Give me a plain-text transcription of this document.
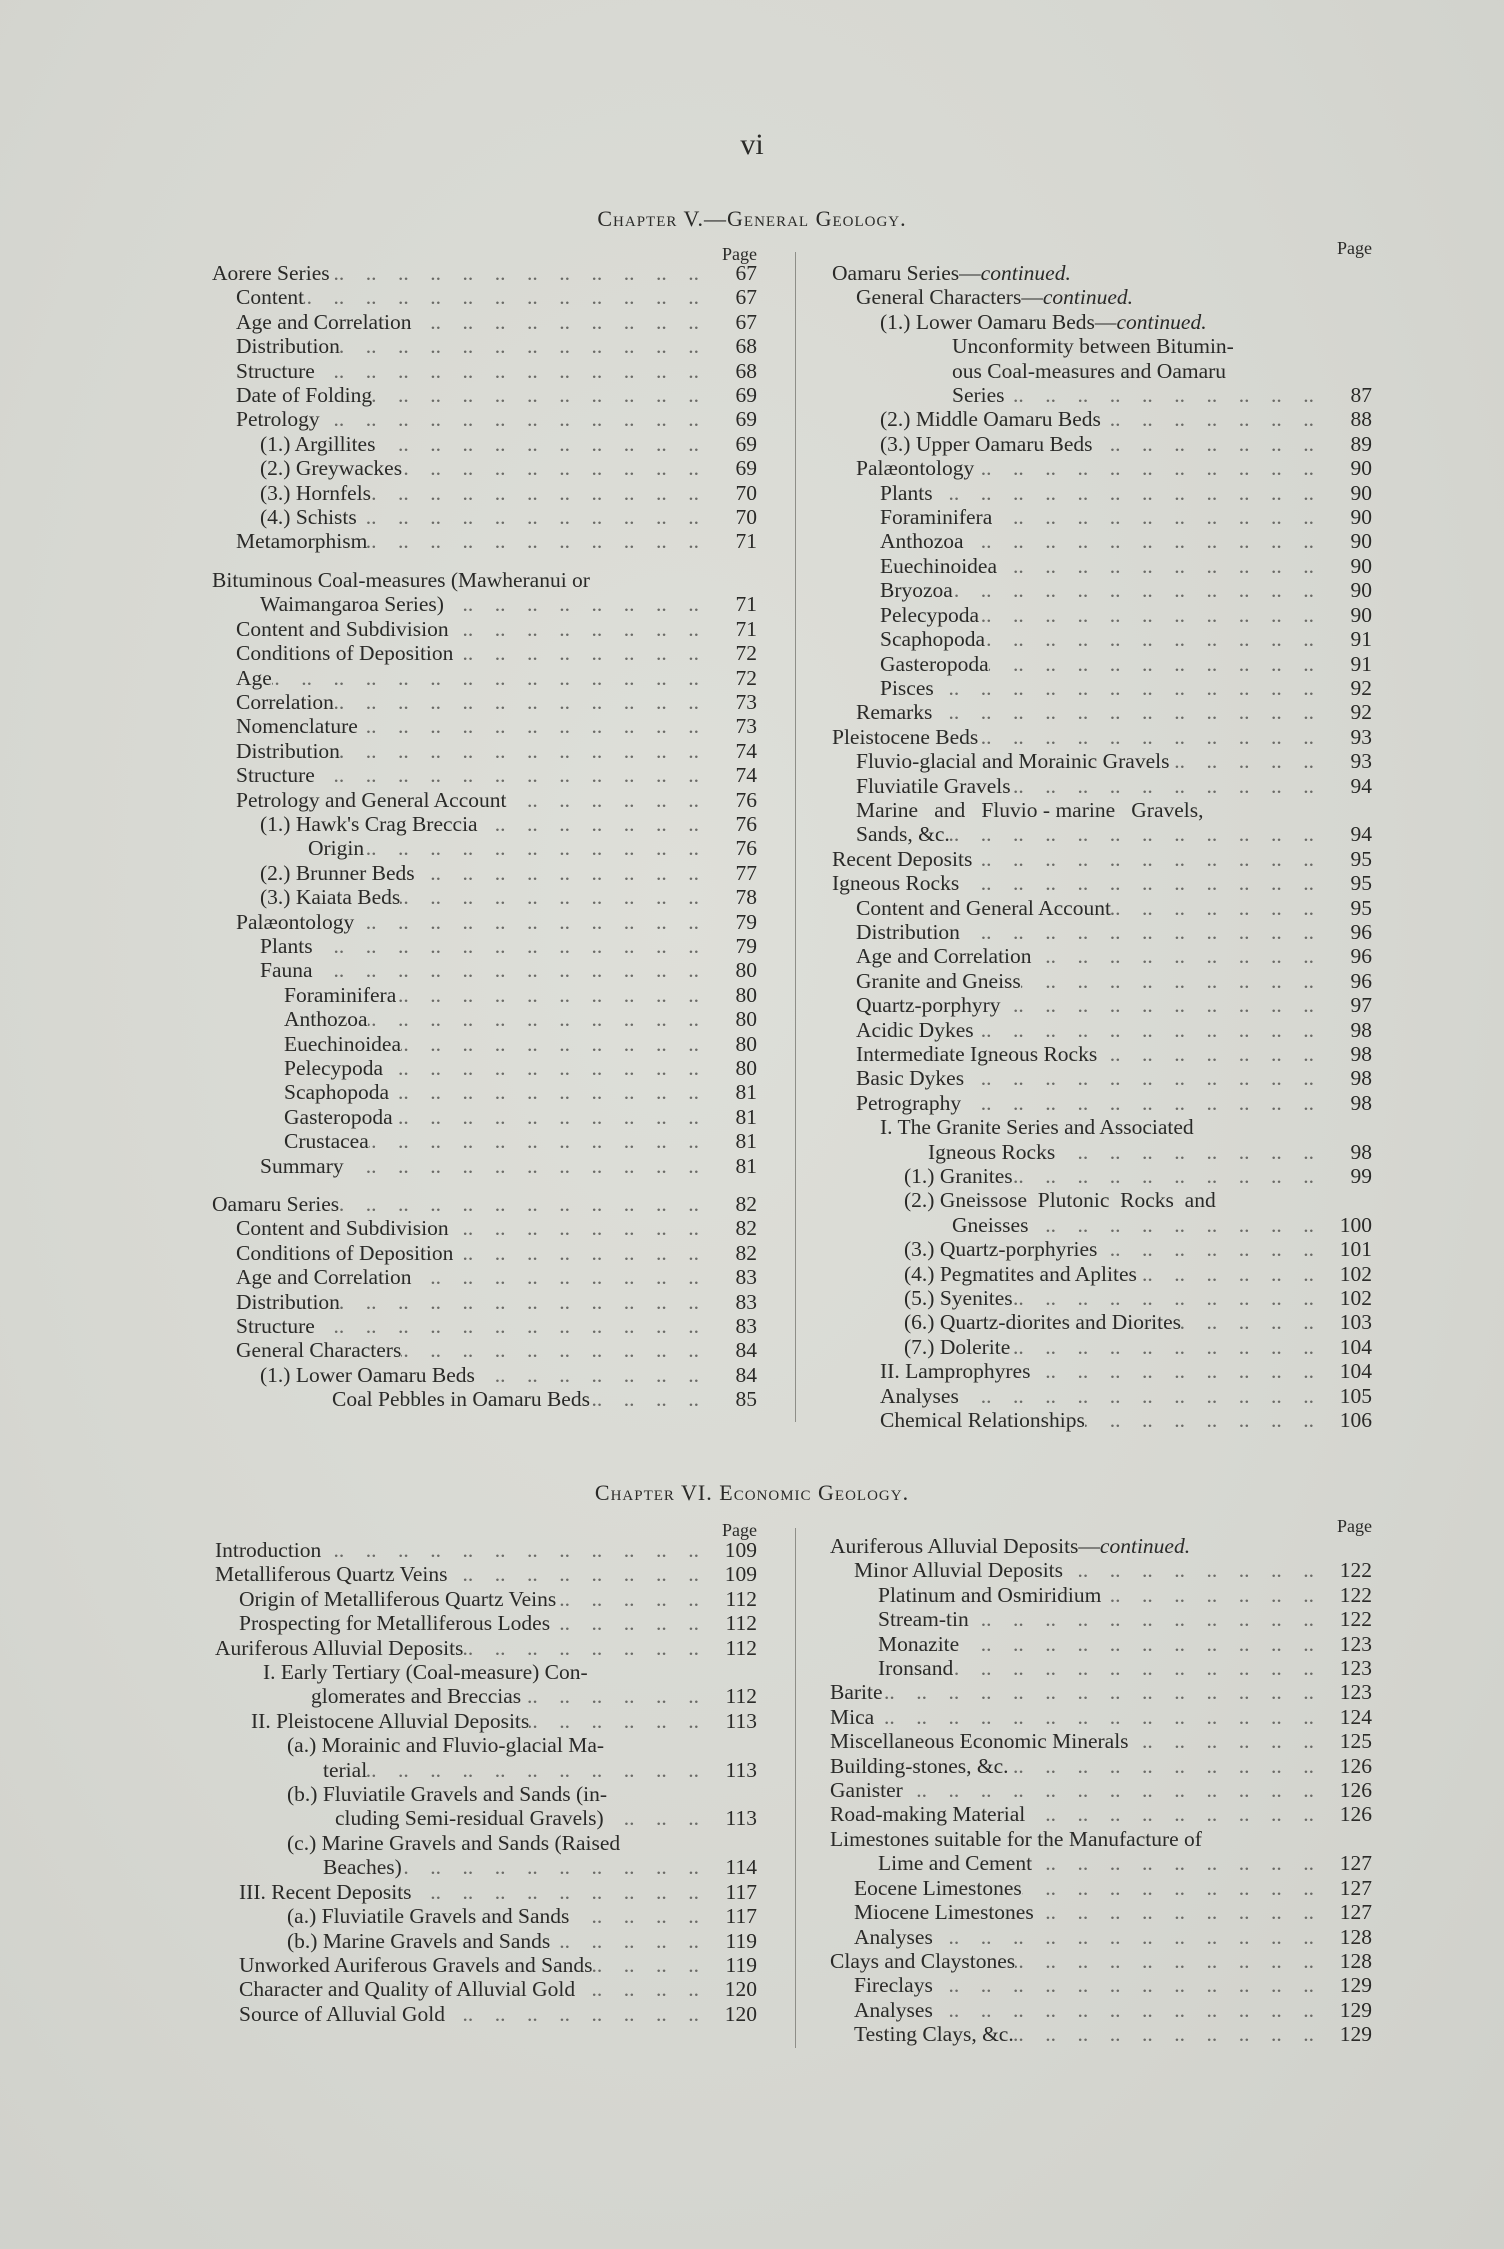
vi
Chapter V.—General Geology.
Page
Aorere Series ..	67
Content ..	67
Age and Correlation ..	67
Distribution ..	68
Structure ..	68
Date of Folding ..	69
Petrology ..	69
(1.) Argillites ..	69
(2.) Greywackes ..	69
(3.) Hornfels ..	70
(4.) Schists ..	70
Metamorphism ..	71
Bituminous Coal-measures (Mawheranui or
Waimangaroa Series) ..	71
Content and Subdivision ..	71
Conditions of Deposition ..	72
Age ..	72
Correlation ..	73
Nomenclature ..	73
Distribution ..	74
Structure ..	74
Petrology and General Account ..	76
(1.) Hawk's Crag Breccia ..	76
Origin ..	76
(2.) Brunner Beds ..	77
(3.) Kaiata Beds ..	78
Palæontology ..	79
Plants ..	79
Fauna ..	80
Foraminifera ..	80
Anthozoa ..	80
Euechinoidea ..	80
Pelecypoda ..	80
Scaphopoda ..	81
Gasteropoda ..	81
Crustacea ..	81
Summary ..	81
Oamaru Series ..	82
Content and Subdivision ..	82
Conditions of Deposition ..	82
Age and Correlation ..	83
Distribution ..	83
Structure ..	83
General Characters ..	84
(1.) Lower Oamaru Beds ..	84
Coal Pebbles in Oamaru Beds ..	85
Page
Oamaru Series—continued.
General Characters—continued.
(1.) Lower Oamaru Beds—continued.
Unconformity between Bitumin-
ous Coal-measures and Oamaru
Series ..	87
(2.) Middle Oamaru Beds ..	88
(3.) Upper Oamaru Beds ..	89
Palæontology ..	90
Plants ..	90
Foraminifera ..	90
Anthozoa ..	90
Euechinoidea ..	90
Bryozoa ..	90
Pelecypoda ..	90
Scaphopoda ..	91
Gasteropoda ..	91
Pisces ..	92
Remarks ..	92
Pleistocene Beds ..	93
Fluvio-glacial and Morainic Gravels ..	93
Fluviatile Gravels ..	94
Marine   and   Fluvio - marine   Gravels,
Sands, &c. ..	94
Recent Deposits ..	95
Igneous Rocks ..	95
Content and General Account ..	95
Distribution ..	96
Age and Correlation ..	96
Granite and Gneiss ..	96
Quartz-porphyry ..	97
Acidic Dykes ..	98
Intermediate Igneous Rocks ..	98
Basic Dykes ..	98
Petrography ..	98
I. The Granite Series and Associated
Igneous Rocks ..	98
(1.) Granites ..	99
(2.) Gneissose  Plutonic  Rocks  and
Gneisses ..	100
(3.) Quartz-porphyries ..	101
(4.) Pegmatites and Aplites ..	102
(5.) Syenites ..	102
(6.) Quartz-diorites and Diorites ..	103
(7.) Dolerite ..	104
II. Lamprophyres ..	104
Analyses ..	105
Chemical Relationships ..	106
Chapter VI. Economic Geology.
Page
Introduction ..	109
Metalliferous Quartz Veins ..	109
Origin of Metalliferous Quartz Veins ..	112
Prospecting for Metalliferous Lodes ..	112
Auriferous Alluvial Deposits ..	112
I. Early Tertiary (Coal-measure) Con-
glomerates and Breccias ..	112
II. Pleistocene Alluvial Deposits ..	113
(a.) Morainic and Fluvio-glacial Ma-
terial ..	113
(b.) Fluviatile Gravels and Sands (in-
cluding Semi-residual Gravels) ..	113
(c.) Marine Gravels and Sands (Raised
Beaches) ..	114
III. Recent Deposits ..	117
(a.) Fluviatile Gravels and Sands ..	117
(b.) Marine Gravels and Sands ..	119
Unworked Auriferous Gravels and Sands ..	119
Character and Quality of Alluvial Gold ..	120
Source of Alluvial Gold ..	120
Page
Auriferous Alluvial Deposits—continued.
Minor Alluvial Deposits ..	122
Platinum and Osmiridium ..	122
Stream-tin ..	122
Monazite ..	123
Ironsand ..	123
Barite ..	123
Mica ..	124
Miscellaneous Economic Minerals ..	125
Building-stones, &c. ..	126
Ganister ..	126
Road-making Material ..	126
Limestones suitable for the Manufacture of
Lime and Cement ..	127
Eocene Limestones ..	127
Miocene Limestones ..	127
Analyses ..	128
Clays and Claystones ..	128
Fireclays ..	129
Analyses ..	129
Testing Clays, &c. ..	129
